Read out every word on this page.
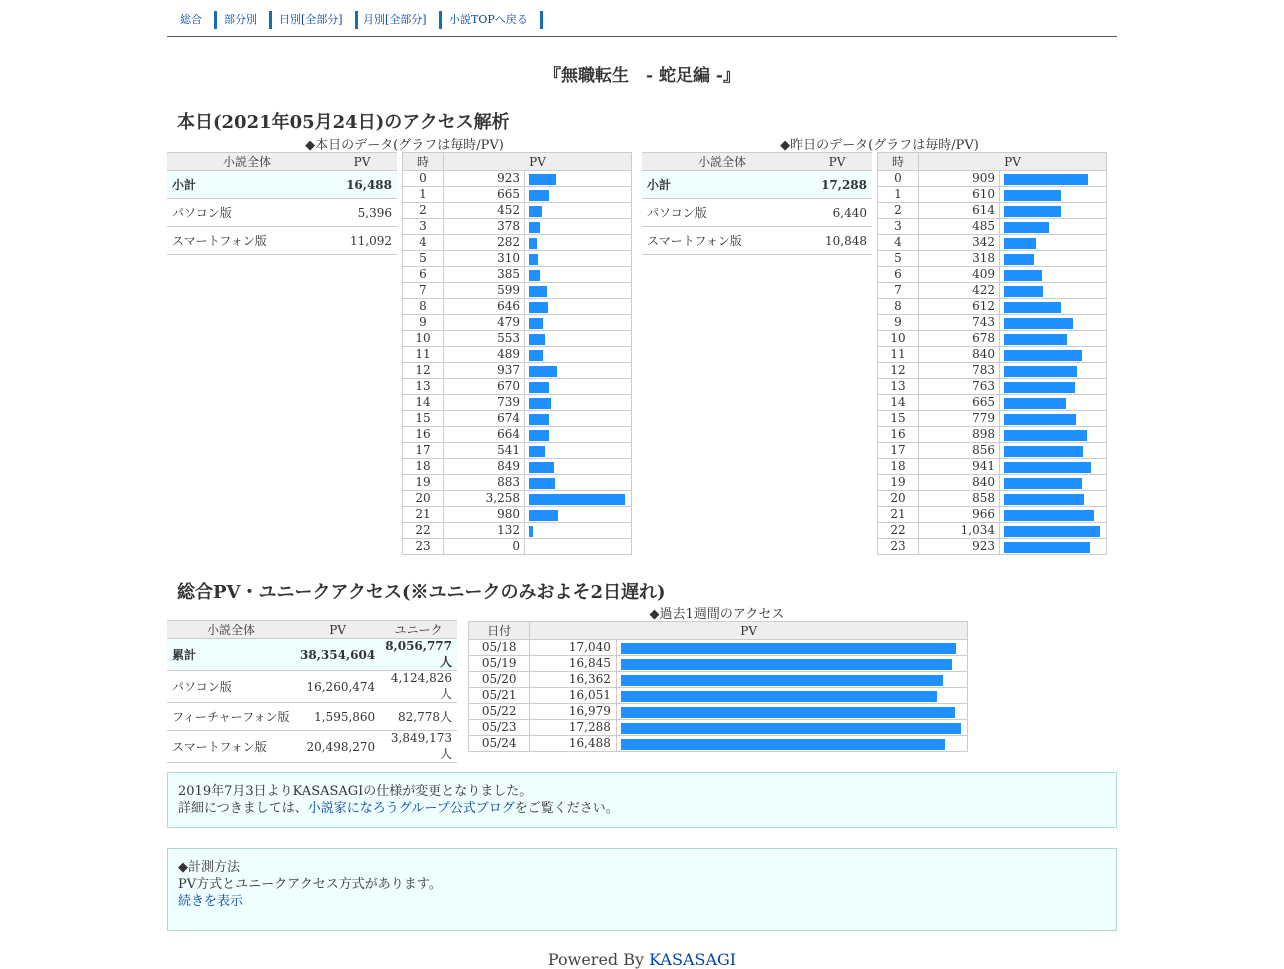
総合	部分別	日別[全部分]	月別[全部分]	小説TOPへ戻る
『無職転生　- 蛇足編 -』
本日(2021年05月24日)のアクセス解析
◆本日のデータ(グラフは毎時/PV)	◆昨日のデータ(グラフは毎時/PV)
小説全体	PV
小計	16,488
パソコン版	5,396
スマートフォン版	11,092
時	PV	
0	923	

1	665	

2	452	

3	378	

4	282	

5	310	

6	385	

7	599	

8	646	

9	479	

10	553	

11	489	

12	937	

13	670	

14	739	

15	674	

16	664	

17	541	

18	849	

19	883	

20	3,258	

21	980	

22	132	

23	0	
小説全体	PV
小計	17,288
パソコン版	6,440
スマートフォン版	10,848
時	PV	
0	909	

1	610	

2	614	

3	485	

4	342	

5	318	

6	409	

7	422	

8	612	

9	743	

10	678	

11	840	

12	783	

13	763	

14	665	

15	779	

16	898	

17	856	

18	941	

19	840	

20	858	

21	966	

22	1,034	

23	923	
総合PV・ユニークアクセス(※ユニークのみおよそ2日遅れ)
◆過去1週間のアクセス
小説全体	PV	ユニーク
累計	38,354,604	8,056,777人
パソコン版	16,260,474	4,124,826人
フィーチャーフォン版	1,595,860	82,778人
スマートフォン版	20,498,270	3,849,173人
日付	PV	
05/18	17,040	

05/19	16,845	

05/20	16,362	

05/21	16,051	

05/22	16,979	

05/23	17,288	

05/24	16,488	
2019年7月3日よりKASASAGIの仕様が変更となりました。
詳細につきましては、小説家になろうグループ公式ブログをご覧ください。
◆計測方法
PV方式とユニークアクセス方式があります。
続きを表示
Powered By KASASAGI
